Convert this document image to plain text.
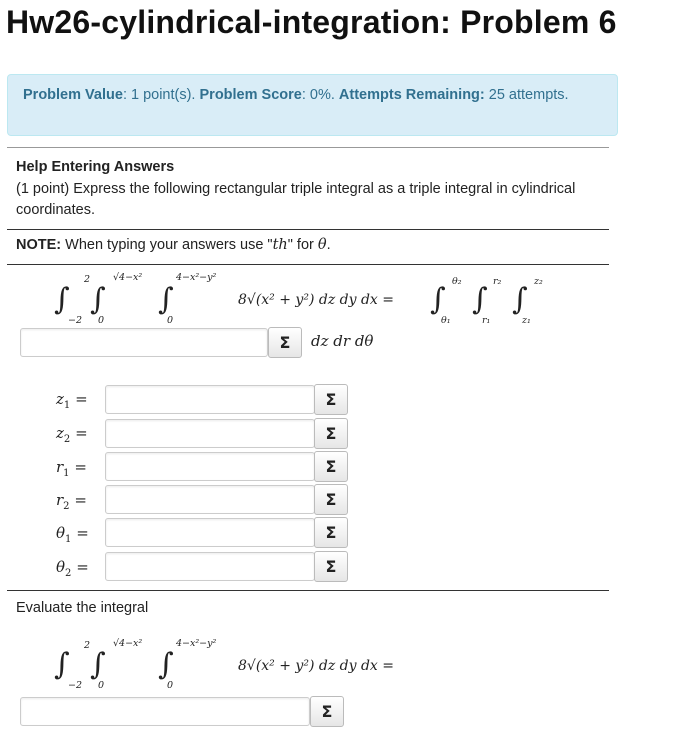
Hw26-cylindrical-integration: Problem 6
Problem Value: 1 point(s). Problem Score: 0%. Attempts Remaining: 25 attempts.
Help Entering Answers
(1 point) Express the following rectangular triple integral as a triple integral in cylindrical coordinates.
NOTE: When typing your answers use "th" for θ.
∫
2
−2
∫
√4−x²
0
∫
4−x²−y²
0
8√(x² + y²) dz dy dx = ∫
θ₂
θ₁
∫
r₂
r₁
∫
z₂
z₁
Σ	dz dr dθ
$z_1$ =	Σ
$z_2$ =	Σ
$r_1$ =	Σ
$r_2$ =	Σ
$\theta_1$ =	Σ
$\theta_2$ =	Σ
Evaluate the integral
∫
2
−2
∫
√4−x²
0
∫
4−x²−y²
0
8√(x² + y²) dz dy dx =
Σ
